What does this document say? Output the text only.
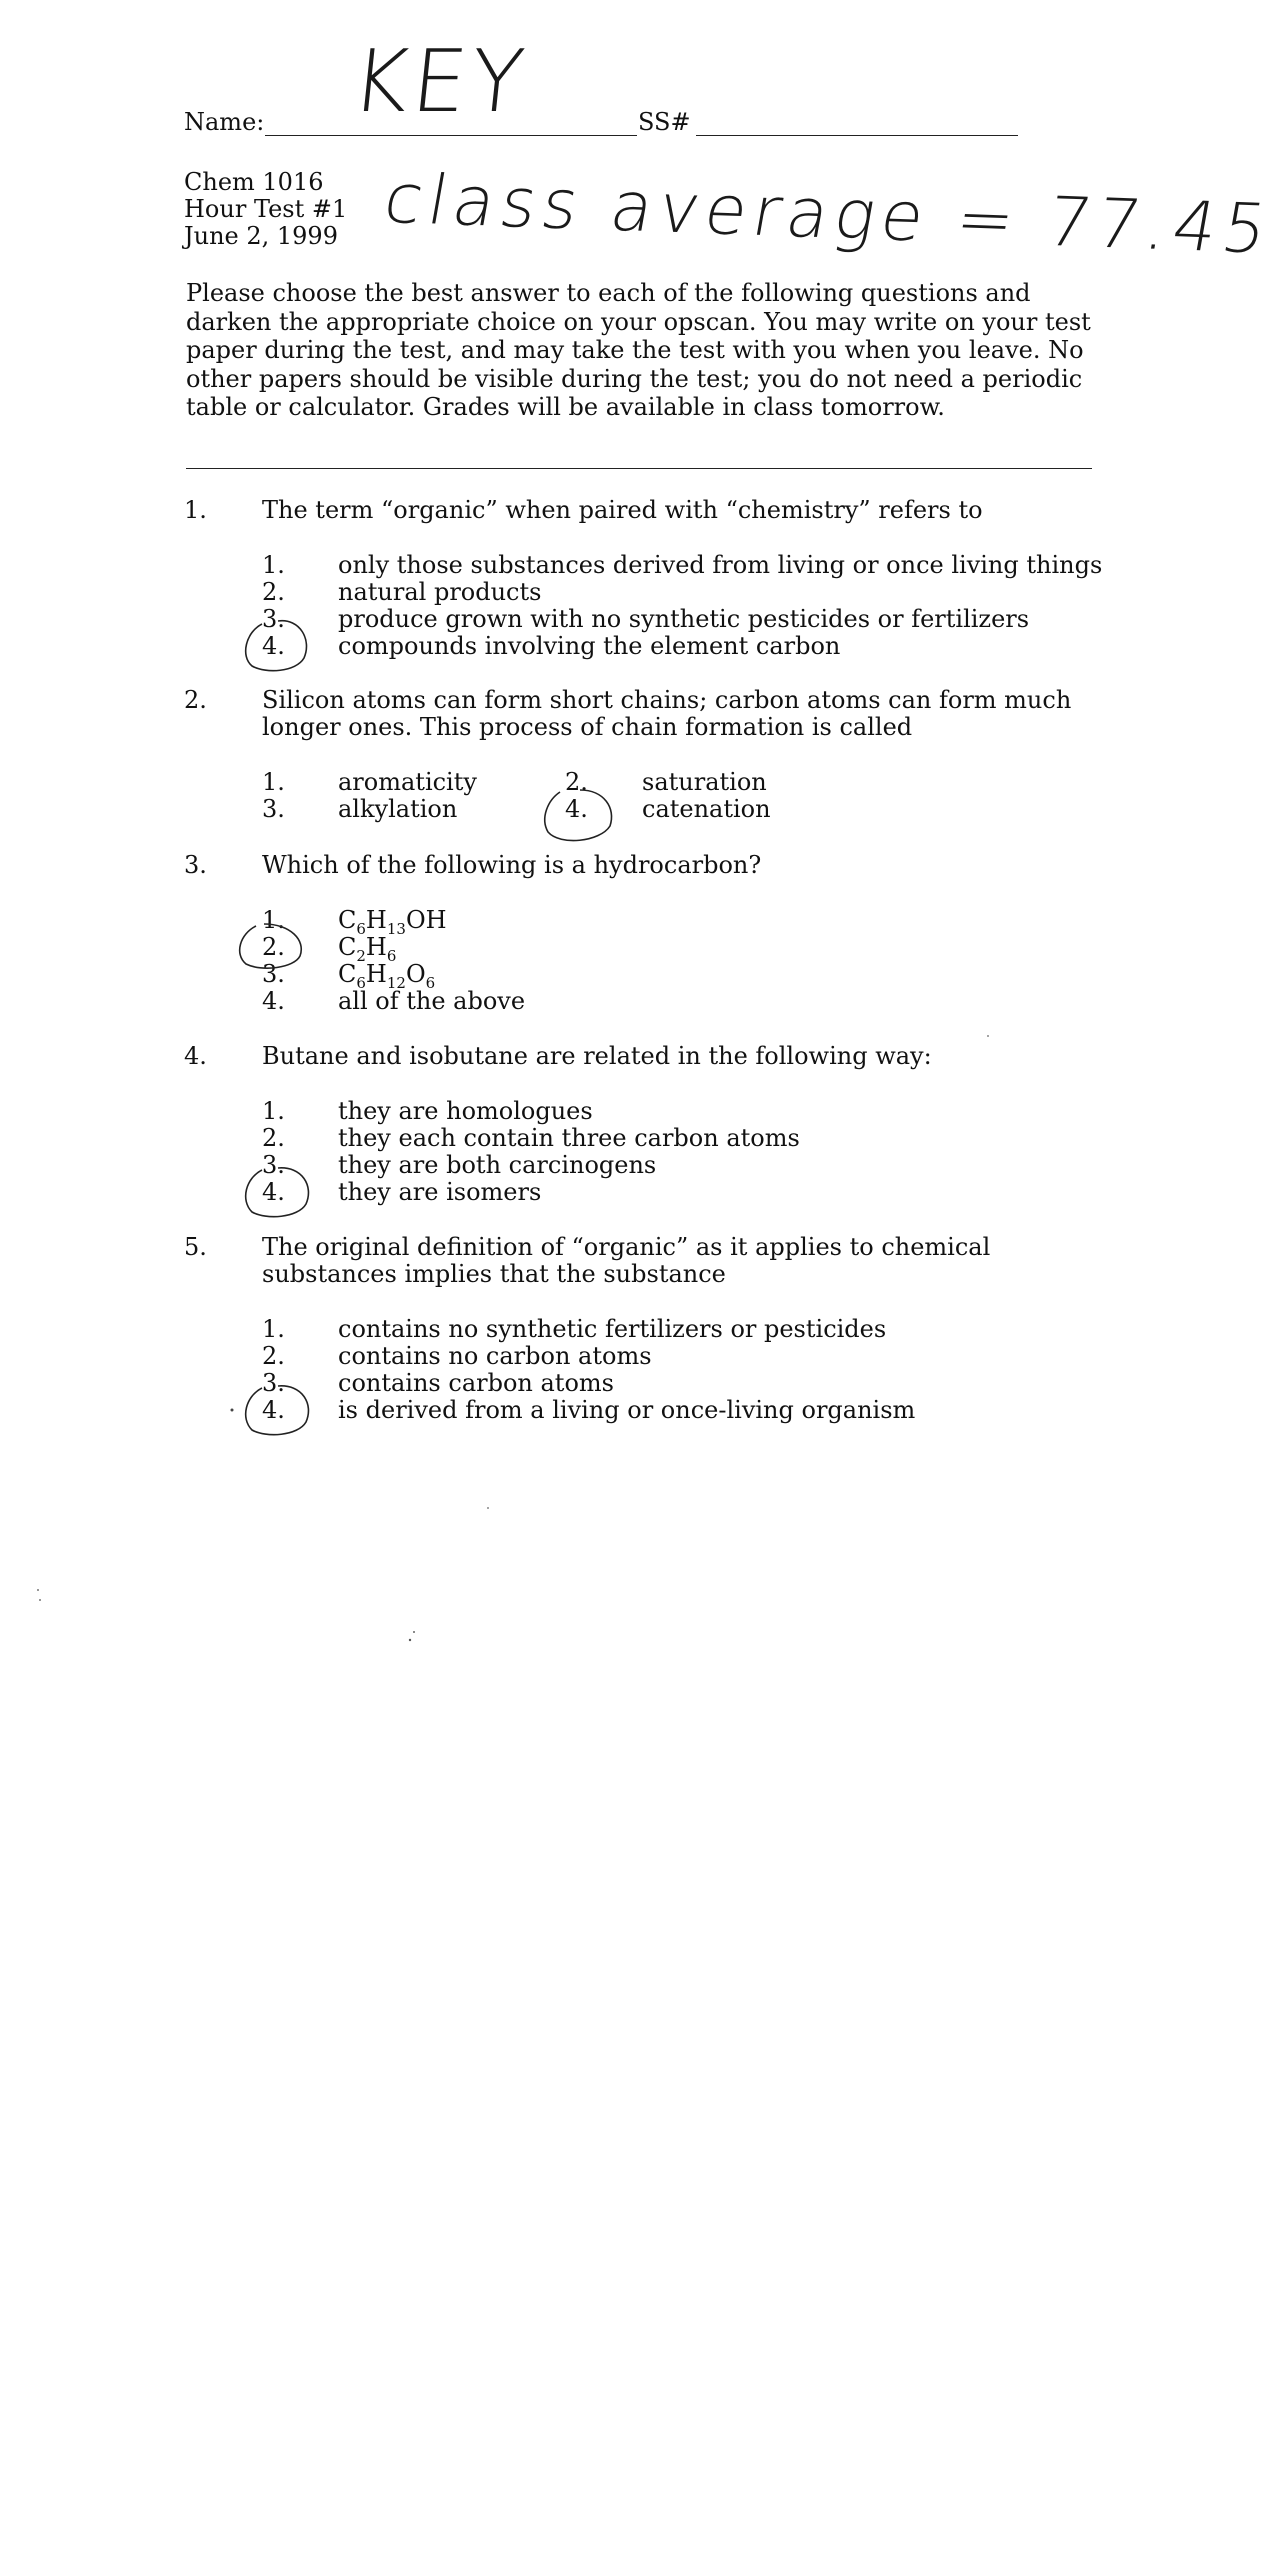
Name: KEY	SS#
Chem 1016
Hour Test #1
June 2, 1999 class average = 77.45
Please choose the best answer to each of the following questions and darken the appropriate choice on your opscan. You may write on your test paper during the test, and may take the test with you when you leave. No other papers should be visible during the test; you do not need a periodic table or calculator. Grades will be available in class tomorrow.
1. The term “organic” when paired with “chemistry” refers to
1. only those substances derived from living or once living things
2. natural products
3. produce grown with no synthetic pesticides or fertilizers
4. compounds involving the element carbon
2. Silicon atoms can form short chains; carbon atoms can form much
longer ones. This process of chain formation is called
1. aromaticity	2. saturation
3. alkylation	4. catenation
3. Which of the following is a hydrocarbon?
1. $C_6H_{13}OH$
2. $C_2H_6$
3. $C_6H_{12}O_6$
4. all of the above
4. Butane and isobutane are related in the following way:
1. they are homologues
2. they each contain three carbon atoms
3. they are both carcinogens
4. they are isomers
5. The original definition of “organic” as it applies to chemical
substances implies that the substance
1. contains no synthetic fertilizers or pesticides
2. contains no carbon atoms
3. contains carbon atoms
4. is derived from a living or once-living organism
